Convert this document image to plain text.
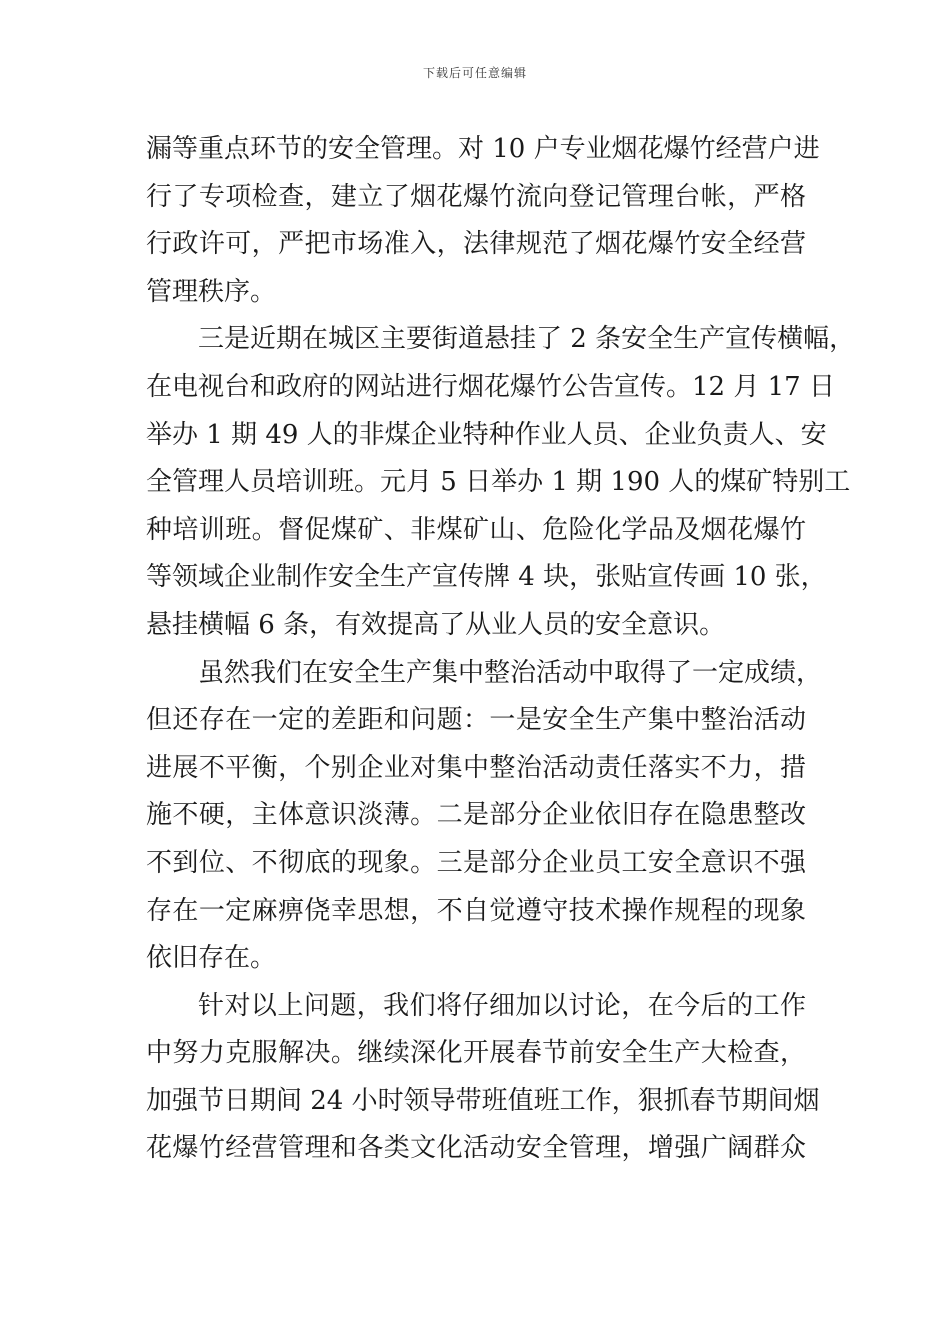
下载后可任意编辑
漏等重点环节的安全管理。对 10 户专业烟花爆竹经营户进
行了专项检查，建立了烟花爆竹流向登记管理台帐，严格
行政许可，严把市场准入，法律规范了烟花爆竹安全经营
管理秩序。
三是近期在城区主要街道悬挂了 2 条安全生产宣传横幅，
在电视台和政府的网站进行烟花爆竹公告宣传。12 月 17 日
举办 1 期 49 人的非煤企业特种作业人员、企业负责人、安
全管理人员培训班。元月 5 日举办 1 期 190 人的煤矿特别工
种培训班。督促煤矿、非煤矿山、危险化学品及烟花爆竹
等领域企业制作安全生产宣传牌 4 块，张贴宣传画 10 张，
悬挂横幅 6 条，有效提高了从业人员的安全意识。
虽然我们在安全生产集中整治活动中取得了一定成绩，
但还存在一定的差距和问题：一是安全生产集中整治活动
进展不平衡，个别企业对集中整治活动责任落实不力，措
施不硬，主体意识淡薄。二是部分企业依旧存在隐患整改
不到位、不彻底的现象。三是部分企业员工安全意识不强
存在一定麻痹侥幸思想，不自觉遵守技术操作规程的现象
依旧存在。
针对以上问题，我们将仔细加以讨论，在今后的工作
中努力克服解决。继续深化开展春节前安全生产大检查，
加强节日期间 24 小时领导带班值班工作，狠抓春节期间烟
花爆竹经营管理和各类文化活动安全管理，增强广阔群众
